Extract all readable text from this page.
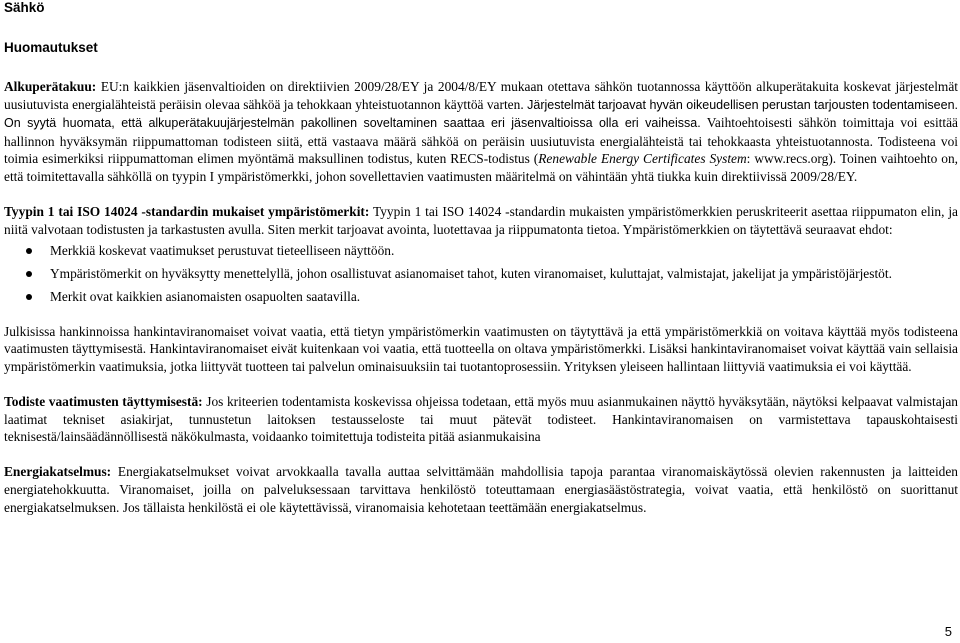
Sähkö
Huomautukset

Alkuperätakuu: EU:n kaikkien jäsenvaltioiden on direktiivien 2009/28/EY ja 2004/8/EY mukaan otettava sähkön tuotannossa käyttöön alkuperätakuita koskevat järjestelmät uusiutuvista energialähteistä peräisin olevaa sähköä ja tehokkaan yhteistuotannon käyttöä varten. Järjestelmät tarjoavat hyvän oikeudellisen perustan tarjousten todentamiseen. On syytä huomata, että alkuperätakuujärjestelmän pakollinen soveltaminen saattaa eri jäsenvaltioissa olla eri vaiheissa. Vaihtoehtoisesti sähkön toimittaja voi esittää hallinnon hyväksymän riippumattoman todisteen siitä, että vastaava määrä sähköä on peräisin uusiutuvista energialähteistä tai tehokkaasta yhteistuotannosta. Todisteena voi toimia esimerkiksi riippumattoman elimen myöntämä maksullinen todistus, kuten RECS-todistus (Renewable Energy Certificates System: www.recs.org). Toinen vaihtoehto on, että toimitettavalla sähköllä on tyypin I ympäristömerkki, johon sovellettavien vaatimusten määritelmä on vähintään yhtä tiukka kuin direktiivissä 2009/28/EY.

Tyypin 1 tai ISO 14024 -standardin mukaiset ympäristömerkit: Tyypin 1 tai ISO 14024 -standardin mukaisten ympäristömerkkien peruskriteerit asettaa riippumaton elin, ja niitä valvotaan todistusten ja tarkastusten avulla. Siten merkit tarjoavat avointa, luotettavaa ja riippumatonta tietoa. Ympäristömerkkien on täytettävä seuraavat ehdot:

Merkkiä koskevat vaatimukset perustuvat tieteelliseen näyttöön.
Ympäristömerkit on hyväksytty menettelyllä, johon osallistuvat asianomaiset tahot, kuten viranomaiset, kuluttajat, valmistajat, jakelijat ja ympäristöjärjestöt.
Merkit ovat kaikkien asianomaisten osapuolten saatavilla.

Julkisissa hankinnoissa hankintaviranomaiset voivat vaatia, että tietyn ympäristömerkin vaatimusten on täytyttävä ja että ympäristömerkkiä on voitava käyttää myös todisteena vaatimusten täyttymisestä. Hankintaviranomaiset eivät kuitenkaan voi vaatia, että tuotteella on oltava ympäristömerkki. Lisäksi hankintaviranomaiset voivat käyttää vain sellaisia ympäristömerkin vaatimuksia, jotka liittyvät tuotteen tai palvelun ominaisuuksiin tai tuotantoprosessiin. Yrityksen yleiseen hallintaan liittyviä vaatimuksia ei voi käyttää.

Todiste vaatimusten täyttymisestä: Jos kriteerien todentamista koskevissa ohjeissa todetaan, että myös muu asianmukainen näyttö hyväksytään, näytöksi kelpaavat valmistajan laatimat tekniset asiakirjat, tunnustetun laitoksen testausseloste tai muut pätevät todisteet. Hankintaviranomaisen on varmistettava tapauskohtaisesti teknisestä/lainsäädännöllisestä näkökulmasta, voidaanko toimitettuja todisteita pitää asianmukaisina

Energiakatselmus: Energiakatselmukset voivat arvokkaalla tavalla auttaa selvittämään mahdollisia tapoja parantaa viranomaiskäytössä olevien rakennusten ja laitteiden energiatehokkuutta. Viranomaiset, joilla on palveluksessaan tarvittava henkilöstö toteuttamaan energiasäästöstrategia, voivat vaatia, että henkilöstö on suorittanut energiakatselmuksen. Jos tällaista henkilöstä ei ole käytettävissä, viranomaisia kehotetaan teettämään energiakatselmus.

5
